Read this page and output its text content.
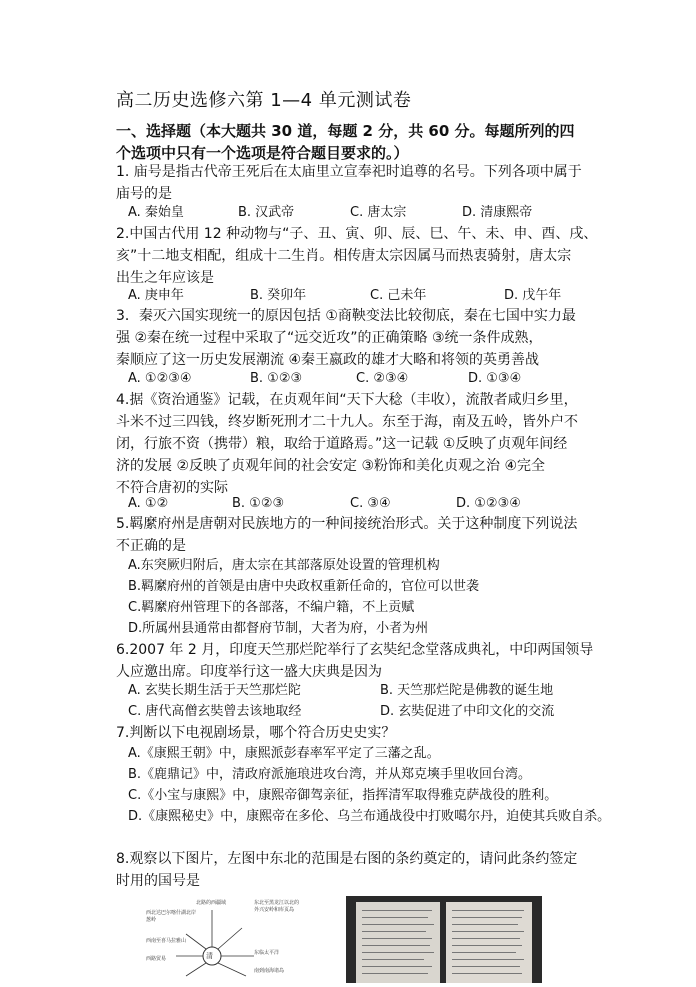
高二历史选修六第 1—4 单元测试卷
一、选择题（本大题共 30 道，每题 2 分，共 60 分。每题所列的四
个选项中只有一个选项是符合题目要求的。）
1. 庙号是指古代帝王死后在太庙里立宣奉祀时追尊的名号。下列各项中属于
庙号的是
A. 秦始皇	B. 汉武帝	C. 唐太宗	D. 清康熙帝
2.中国古代用 12 种动物与“子、丑、寅、卯、辰、巳、午、未、申、酉、戌、
亥”十二地支相配，组成十二生肖。相传唐太宗因属马而热衷骑射，唐太宗
出生之年应该是
A. 庚申年	B. 癸卯年	C. 己未年	D. 戊午年
3．秦灭六国实现统一的原因包括 ①商鞅变法比较彻底，秦在七国中实力最
强 ②秦在统一过程中采取了“远交近攻”的正确策略 ③统一条件成熟，
秦顺应了这一历史发展潮流 ④秦王嬴政的雄才大略和将领的英勇善战
A. ①②③④	B. ①②③	C. ②③④	D. ①③④
4.据《资治通鉴》记载，在贞观年间“天下大稔（丰收），流散者咸归乡里，
斗米不过三四钱，终岁断死刑才二十九人。东至于海，南及五岭，皆外户不
闭，行旅不资（携带）粮，取给于道路焉。”这一记载 ①反映了贞观年间经
济的发展 ②反映了贞观年间的社会安定 ③粉饰和美化贞观之治 ④完全
不符合唐初的实际
A. ①②	B. ①②③	C. ③④	D. ①②③④
5.羁縻府州是唐朝对民族地方的一种间接统治形式。关于这种制度下列说法
不正确的是
A.东突厥归附后，唐太宗在其部落原处设置的管理机构
B.羁縻府州的首领是由唐中央政权重新任命的，官位可以世袭
C.羁縻府州管理下的各部落，不编户籍，不上贡赋
D.所属州县通常由都督府节制，大者为府，小者为州
6.2007 年 2 月，印度天竺那烂陀举行了玄奘纪念堂落成典礼，中印两国领导
人应邀出席。印度举行这一盛大庆典是因为
A. 玄奘长期生活于天竺那烂陀	B. 天竺那烂陀是佛教的诞生地
C. 唐代高僧玄奘曾去该地取经	D. 玄奘促进了中印文化的交流
7.判断以下电视剧场景，哪个符合历史史实？
A.《康熙王朝》中，康熙派彭春率军平定了三藩之乱。
B.《鹿鼎记》中，清政府派施琅进攻台湾，并从郑克塽手里收回台湾。
C.《小宝与康熙》中，康熙帝御驾亲征，指挥清军取得雅克萨战役的胜利。
D.《康熙秘史》中，康熙帝在多伦、乌兰布通战役中打败噶尔丹，迫使其兵败自杀。
8.观察以下图片，左图中东北的范围是右图的条约奠定的，请问此条约签定
时用的国号是
清
北路的西疆域	东北至黑龙江以北的
外兴安岭和库页岛
西北达巴尔喀什湖北岸
葱岭
西南至喜马拉雅山
东临太平洋
西路贸易
南到南海诸岛
